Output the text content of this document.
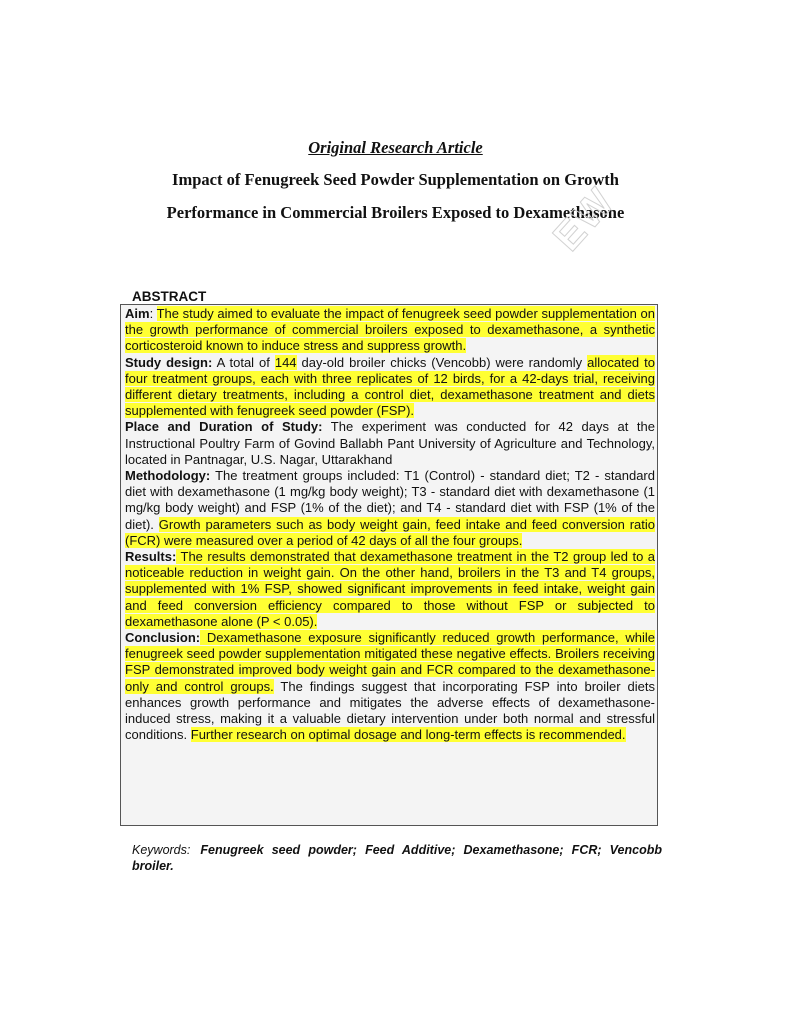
Original Research Article
Impact of Fenugreek Seed Powder Supplementation on Growth
Performance in Commercial Broilers Exposed to Dexamethasone
EW
ABSTRACT

Aim: The study aimed to evaluate the impact of fenugreek seed powder supplementation on the growth performance of commercial broilers exposed to dexamethasone, a synthetic corticosteroid known to induce stress and suppress growth.

Study design: A total of 144 day-old broiler chicks (Vencobb) were randomly allocated to four treatment groups, each with three replicates of 12 birds, for a 42-days trial, receiving different dietary treatments, including a control diet, dexamethasone treatment and diets supplemented with fenugreek seed powder (FSP).

Place and Duration of Study: The experiment was conducted for 42 days at the Instructional Poultry Farm of Govind Ballabh Pant University of Agriculture and Technology, located in Pantnagar, U.S. Nagar, Uttarakhand

Methodology: The treatment groups included: T1 (Control) - standard diet; T2 - standard diet with dexamethasone (1 mg/kg body weight); T3 - standard diet with dexamethasone (1 mg/kg body weight) and FSP (1% of the diet); and T4 - standard diet with FSP (1% of the diet). Growth parameters such as body weight gain, feed intake and feed conversion ratio (FCR) were measured over a period of 42 days of all the four groups.

Results: The results demonstrated that dexamethasone treatment in the T2 group led to a noticeable reduction in weight gain. On the other hand, broilers in the T3 and T4 groups, supplemented with 1% FSP, showed significant improvements in feed intake, weight gain and feed conversion efficiency compared to those without FSP or subjected to dexamethasone alone (P < 0.05).

Conclusion: Dexamethasone exposure significantly reduced growth performance, while fenugreek seed powder supplementation mitigated these negative effects. Broilers receiving FSP demonstrated improved body weight gain and FCR compared to the dexamethasone-only and control groups. The findings suggest that incorporating FSP into broiler diets enhances growth performance and mitigates the adverse effects of dexamethasone-induced stress, making it a valuable dietary intervention under both normal and stressful conditions. Further research on optimal dosage and long-term effects is recommended.

Keywords: Fenugreek seed powder; Feed Additive; Dexamethasone; FCR; Vencobb broiler.
